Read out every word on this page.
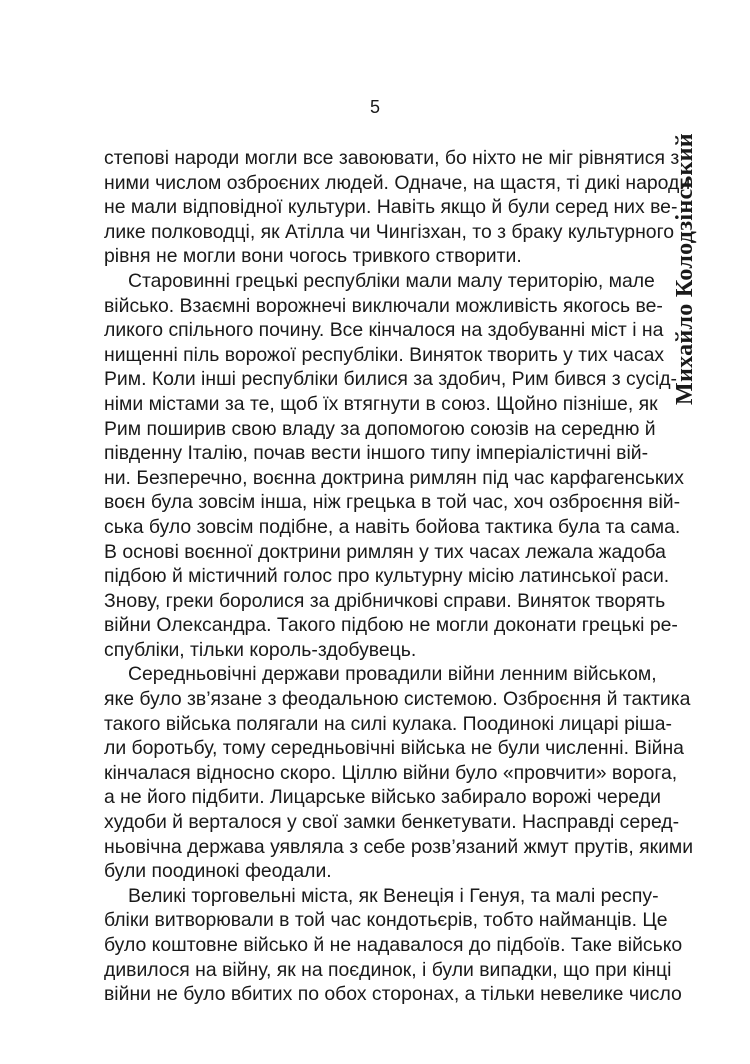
5
Михайло Колодзінський
степові народи могли все завоювати, бо ніхто не міг рівнятися з
ними числом озброєних людей. Одначе, на щастя, ті дикі народи
не мали відповідної культури. Навіть якщо й були серед них ве-
лике полководці, як Атілла чи Чингізхан, то з браку культурного
рівня не могли вони чогось тривкого створити.
Старовинні грецькі республіки мали малу територію, мале
військо. Взаємні ворожнечі виключали можливість якогось ве-
ликого спільного почину. Все кінчалося на здобуванні міст і на
нищенні піль ворожої республіки. Виняток творить у тих часах
Рим. Коли інші республіки билися за здобич, Рим бився з сусід-
німи містами за те, щоб їх втягнути в союз. Щойно пізніше, як
Рим поширив свою владу за допомогою союзів на середню й
південну Італію, почав вести іншого типу імперіалістичні вій-
ни. Безперечно, воєнна доктрина римлян під час карфагенських
воєн була зовсім інша, ніж грецька в той час, хоч озброєння вій-
ська було зовсім подібне, а навіть бойова тактика була та сама.
В основі воєнної доктрини римлян у тих часах лежала жадоба
підбою й містичний голос про культурну місію латинської раси.
Знову, греки боролися за дрібничкові справи. Виняток творять
війни Олександра. Такого підбою не могли доконати грецькі ре-
спубліки, тільки король-здобувець.
Середньовічні держави провадили війни ленним військом,
яке було зв’язане з феодальною системою. Озброєння й тактика
такого війська полягали на силі кулака. Поодинокі лицарі ріша-
ли боротьбу, тому середньовічні війська не були численні. Війна
кінчалася відносно скоро. Ціллю війни було «провчити» ворога,
а не його підбити. Лицарське військо забирало ворожі череди
худоби й верталося у свої замки бенкетувати. Насправді серед-
ньовічна держава уявляла з себе розв’язаний жмут прутів, якими
були поодинокі феодали.
Великі торговельні міста, як Венеція і Генуя, та малі респу-
бліки витворювали в той час кондотьєрів, тобто найманців. Це
було коштовне військо й не надавалося до підбоїв. Таке військо
дивилося на війну, як на поєдинок, і були випадки, що при кінці
війни не було вбитих по обох сторонах, а тільки невелике число
